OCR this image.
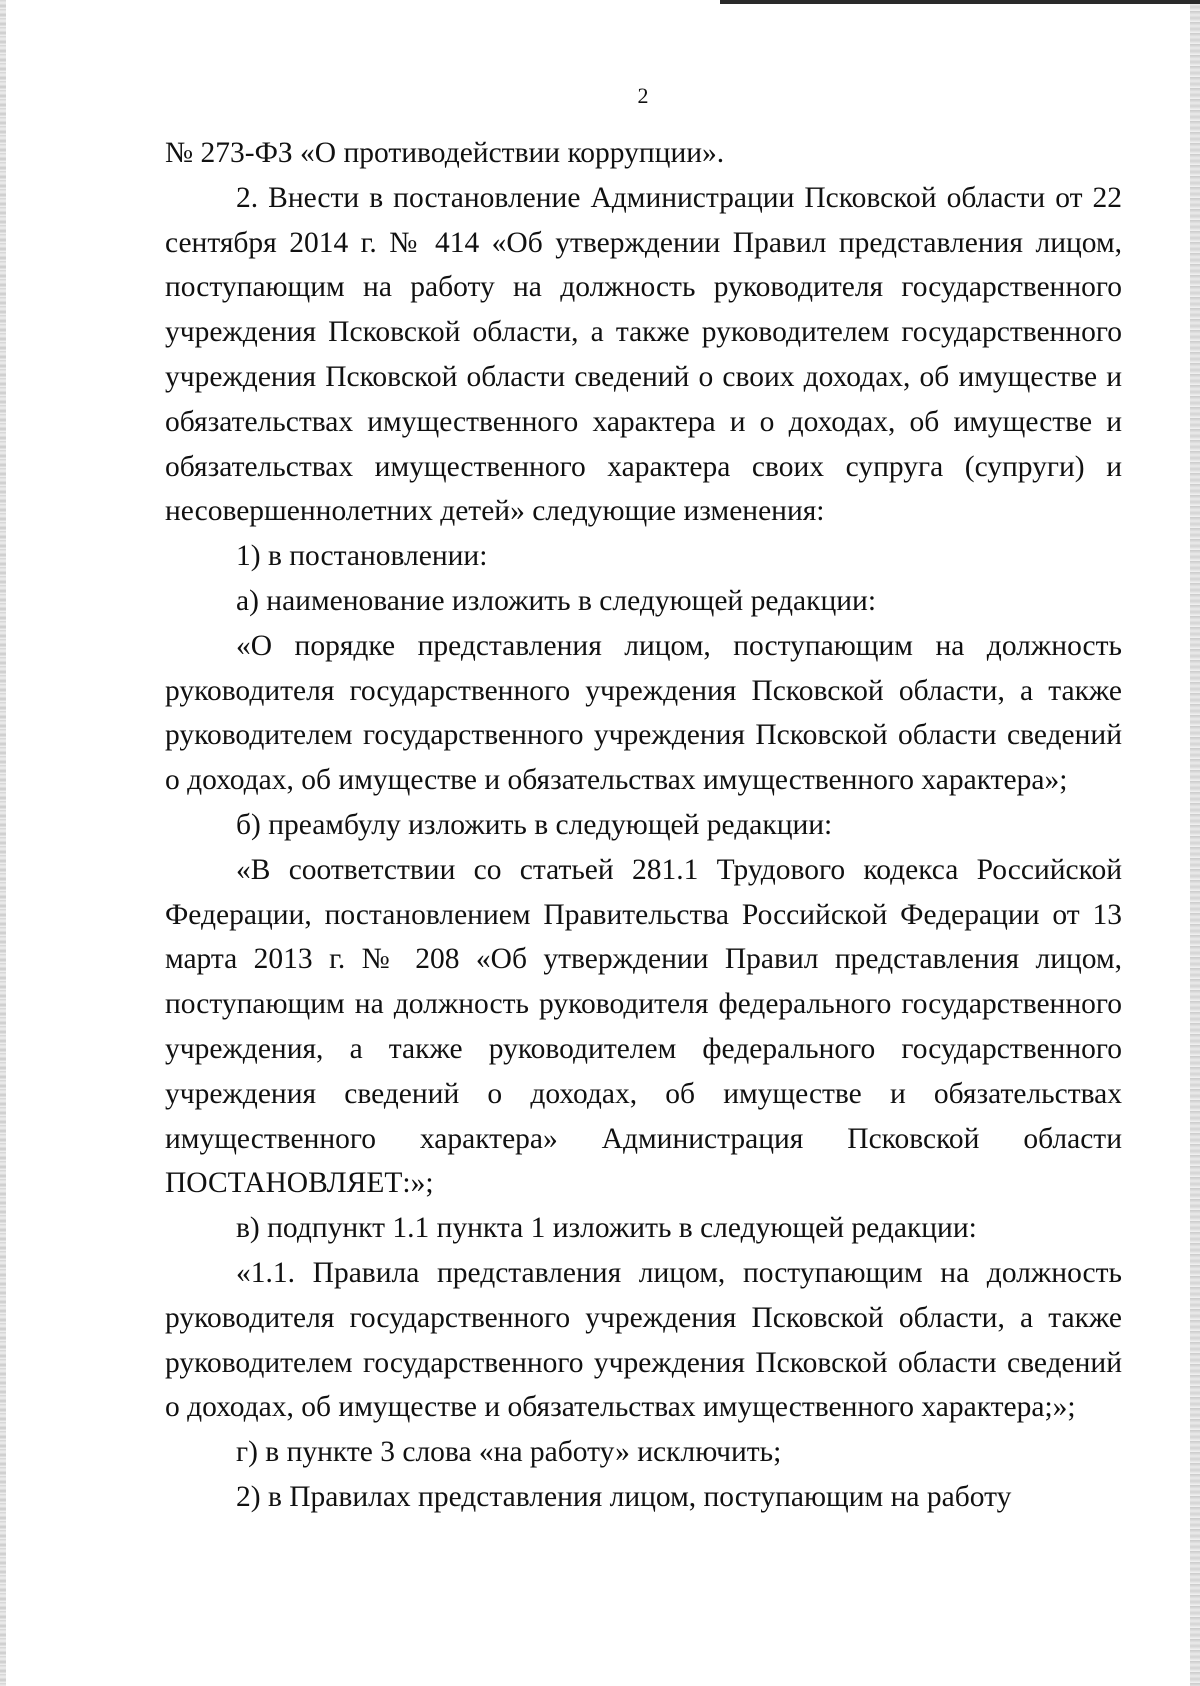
2

№ 273-ФЗ «О противодействии коррупции».

2. Внести в постановление Администрации Псковской области от 22 сентября 2014 г. № 414 «Об утверждении Правил представления лицом, поступающим на работу на должность руководителя государственного учреждения Псковской области, а также руководителем государственного учреждения Псковской области сведений о своих доходах, об имуществе и обязательствах имущественного характера и о доходах, об имуществе и обязательствах имущественного характера своих супруга (супруги) и несовершеннолетних детей» следующие изменения:

1) в постановлении:

а) наименование изложить в следующей редакции:

«О порядке представления лицом, поступающим на должность руководителя государственного учреждения Псковской области, а также руководителем государственного учреждения Псковской области сведений о доходах, об имуществе и обязательствах имущественного характера»;

б) преамбулу изложить в следующей редакции:

«В соответствии со статьей 281.1 Трудового кодекса Российской Федерации, постановлением Правительства Российской Федерации от 13 марта 2013 г. № 208 «Об утверждении Правил представления лицом, поступающим на должность руководителя федерального государственного учреждения, а также руководителем федерального государственного учреждения сведений о доходах, об имуществе и обязательствах имущественного характера» Администрация Псковской области ПОСТАНОВЛЯЕТ:»;

в) подпункт 1.1 пункта 1 изложить в следующей редакции:

«1.1. Правила представления лицом, поступающим на должность руководителя государственного учреждения Псковской области, а также руководителем государственного учреждения Псковской области сведений о доходах, об имуществе и обязательствах имущественного характера;»;

г) в пункте 3 слова «на работу» исключить;

2) в Правилах представления лицом, поступающим на работу
